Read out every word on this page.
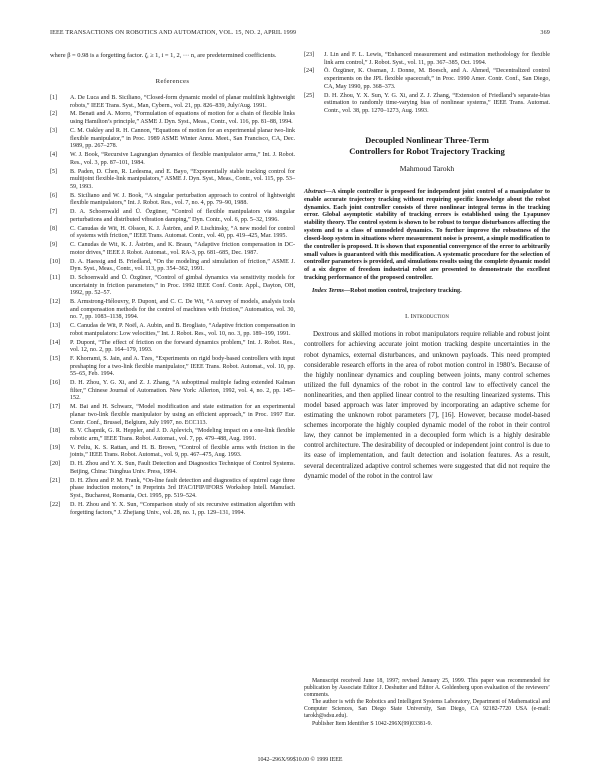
IEEE TRANSACTIONS ON ROBOTICS AND AUTOMATION, VOL. 15, NO. 2, APRIL 1999	369

where β = 0.98 is a forgetting factor. ζᵢ ≥ 1, i = 1, 2, ··· n, are predetermined coefficients.

References
[1] A. De Luca and B. Siciliano, “Closed-form dynamic model of planar multilink lightweight robots,” IEEE Trans. Syst., Man, Cybern., vol. 21, pp. 826–839, July/Aug. 1991.
[2] M. Benati and A. Morro, “Formulation of equations of motion for a chain of flexible links using Hamilton’s principle,” ASME J. Dyn. Syst., Meas., Contr., vol. 116, pp. 81–88, 1994.
[3] C. M. Oakley and R. H. Cannon, “Equations of motion for an experimental planar two-link flexible manipulator,” in Proc. 1989 ASME Winter Annu. Meet., San Francisco, CA, Dec. 1989, pp. 267–278.
[4] W. J. Book, “Recursive Lagrangian dynamics of flexible manipulator arms,” Int. J. Robot. Res., vol. 3, pp. 87–101, 1984.
[5] B. Paden, D. Chen, R. Ledesma, and E. Bayo, “Exponentially stable tracking control for multijoint flexible-link manipulators,” ASME J. Dyn. Syst., Meas., Contr., vol. 115, pp. 53–59, 1993.
[6] B. Siciliano and W. J. Book, “A singular perturbation approach to control of lightweight flexible manipulators,” Int. J. Robot. Res., vol. 7, no. 4, pp. 79–90, 1988.
[7] D. A. Schoenwald and Ü. Özgüner, “Control of flexible manipulators via singular perturbations and distributed vibration damping,” Dyn. Contr., vol. 6, pp. 5–32, 1996.
[8] C. Canudas de Wit, H. Olsson, K. J. Åström, and P. Lischinsky, “A new model for control of systems with friction,” IEEE Trans. Automat. Contr., vol. 40, pp. 419–425, Mar. 1995.
[9] C. Canudas de Wit, K. J. Åström, and K. Braun, “Adaptive friction compensation in DC-motor drives,” IEEE J. Robot. Automat., vol. RA-3, pp. 681–685, Dec. 1987.
[10] D. A. Haessig and B. Friedland, “On the modeling and simulation of friction,” ASME J. Dyn. Syst., Meas., Contr., vol. 113, pp. 354–362, 1991.
[11] D. Schoenwald and Ü. Özgüner, “Control of gimbal dynamics via sensitivity models for uncertainty in friction parameters,” in Proc. 1992 IEEE Conf. Contr. Appl., Dayton, OH, 1992, pp. 52–57.
[12] B. Armstrong-Hélouvry, P. Dupont, and C. C. De Wit, “A survey of models, analysis tools and compensation methods for the control of machines with friction,” Automatica, vol. 30, no. 7, pp. 1083–1138, 1994.
[13] C. Canudas de Wit, P. Noël, A. Aubin, and B. Brogliato, “Adaptive friction compensation in robot manipulators: Low velocities,” Int. J. Robot. Res., vol. 10, no. 3, pp. 189–199, 1991.
[14] P. Dupont, “The effect of friction on the forward dynamics problem,” Int. J. Robot. Res., vol. 12, no. 2, pp. 164–179, 1993.
[15] F. Khorrami, S. Jain, and A. Tzes, “Experiments on rigid body-based controllers with input preshaping for a two-link flexible manipulator,” IEEE Trans. Robot. Automat., vol. 10, pp. 55–65, Feb. 1994.
[16] D. H. Zhou, Y. G. Xi, and Z. J. Zhang, “A suboptimal multiple fading extended Kalman filter,” Chinese Journal of Automation. New York: Allerton, 1992, vol. 4, no. 2, pp. 145–152.
[17] M. Bai and H. Schwarz, “Model modification and state estimation for an experimental planar two-link flexible manipulator by using an efficient approach,” in Proc. 1997 Eur. Contr. Conf., Brussel, Belgium, July 1997, no. ECC113.
[18] B. V. Chapnik, G. R. Heppler, and J. D. Aplevich, “Modeling impact on a one-link flexible robotic arm,” IEEE Trans. Robot. Automat., vol. 7, pp. 479–488, Aug. 1991.
[19] V. Feliu, K. S. Rattan, and H. B. Brown, “Control of flexible arms with friction in the joints,” IEEE Trans. Robot. Automat., vol. 9, pp. 467–475, Aug. 1993.
[20] D. H. Zhou and Y. X. Sun, Fault Detection and Diagnostics Technique of Control Systems. Beijing, China: Tsinghua Univ. Press, 1994.
[21] D. H. Zhou and P. M. Frank, “On-line fault detection and diagnostics of squirrel cage three phase induction motors,” in Preprints 3rd IFAC/IFIP/IFORS Workshop Intell. Manufact. Syst., Bucharest, Romania, Oct. 1995, pp. 519–524.
[22] D. H. Zhou and Y. X. Sun, “Comparison study of six recursive estimation algorithm with forgetting factors,” J. Zhejiang Univ., vol. 28, no. 1, pp. 129–131, 1994.
[23] J. Lin and F. L. Lewis, “Enhanced measurement and estimation methodology for flexible link arm control,” J. Robot. Syst., vol. 11, pp. 367–385, Oct. 1994.
[24] Ö. Özgüner, K. Ossman, J. Donne, M. Boesch, and A. Ahmed, “Decentralized control experiments on the JPL flexible spacecraft,” in Proc. 1990 Amer. Contr. Conf., San Diego, CA, May 1990, pp. 368–373.
[25] D. H. Zhou, Y. X. Sun, Y. G. Xi, and Z. J. Zhang, “Extension of Friedland’s separate-bias estimation to randomly time-varying bias of nonlinear systems,” IEEE Trans. Automat. Contr., vol. 38, pp. 1270–1273, Aug. 1993.
Decoupled Nonlinear Three-Term
Controllers for Robot Trajectory Tracking
Mahmoud Tarokh

Abstract—A simple controller is proposed for independent joint control of a manipulator to enable accurate trajectory tracking without requiring specific knowledge about the robot dynamics. Each joint controller consists of three nonlinear integral terms in the tracking error. Global asymptotic stability of tracking errors is established using the Lyapunov stability theory. The control system is shown to be robust to torque disturbances affecting the system and to a class of unmodeled dynamics. To further improve the robustness of the closed-loop system in situations where measurement noise is present, a simple modification to the controller is proposed. It is shown that exponential convergence of the error to arbitrarily small values is guaranteed with this modification. A systematic procedure for the selection of controller parameters is provided, and simulations results using the complete dynamic model of a six degree of freedom industrial robot are presented to demonstrate the excellent tracking performance of the proposed controller.

Index Terms—Robot motion control, trajectory tracking.

I. Introduction

Dextrous and skilled motions in robot manipulators require reliable and robust joint controllers for achieving accurate joint motion tracking despite uncertainties in the robot dynamics, external disturbances, and unknown payloads. This need prompted considerable research efforts in the area of robot motion control in 1980’s. Because of the highly nonlinear dynamics and coupling between joints, many control schemes utilized the full dynamics of the robot in the control law to effectively cancel the nonlinearities, and then applied linear control to the resulting linearized systems. This model based approach was later improved by incorporating an adaptive scheme for estimating the unknown robot parameters [7], [16]. However, because model-based schemes incorporate the highly coupled dynamic model of the robot in their control law, they cannot be implemented in a decoupled form which is a highly desirable control architecture. The desirability of decoupled or independent joint control is due to its ease of implementation, and fault detection and isolation features. As a result, several decentralized adaptive control schemes were suggested that did not require the dynamic model of the robot in the control law

Manuscript received June 18, 1997; revised January 25, 1999. This paper was recommended for publication by Associate Editor J. Deshutter and Editor A. Goldenberg upon evaluation of the reviewers’ comments.

The author is with the Robotics and Intelligent Systems Laboratory, Department of Mathematical and Computer Sciences, San Diego State University, San Diego, CA 92182-7720 USA (e-mail: tarokh@sdsu.edu).

Publisher Item Identifier S 1042-296X(99)03381-9.

1042–296X/99$10.00 © 1999 IEEE
